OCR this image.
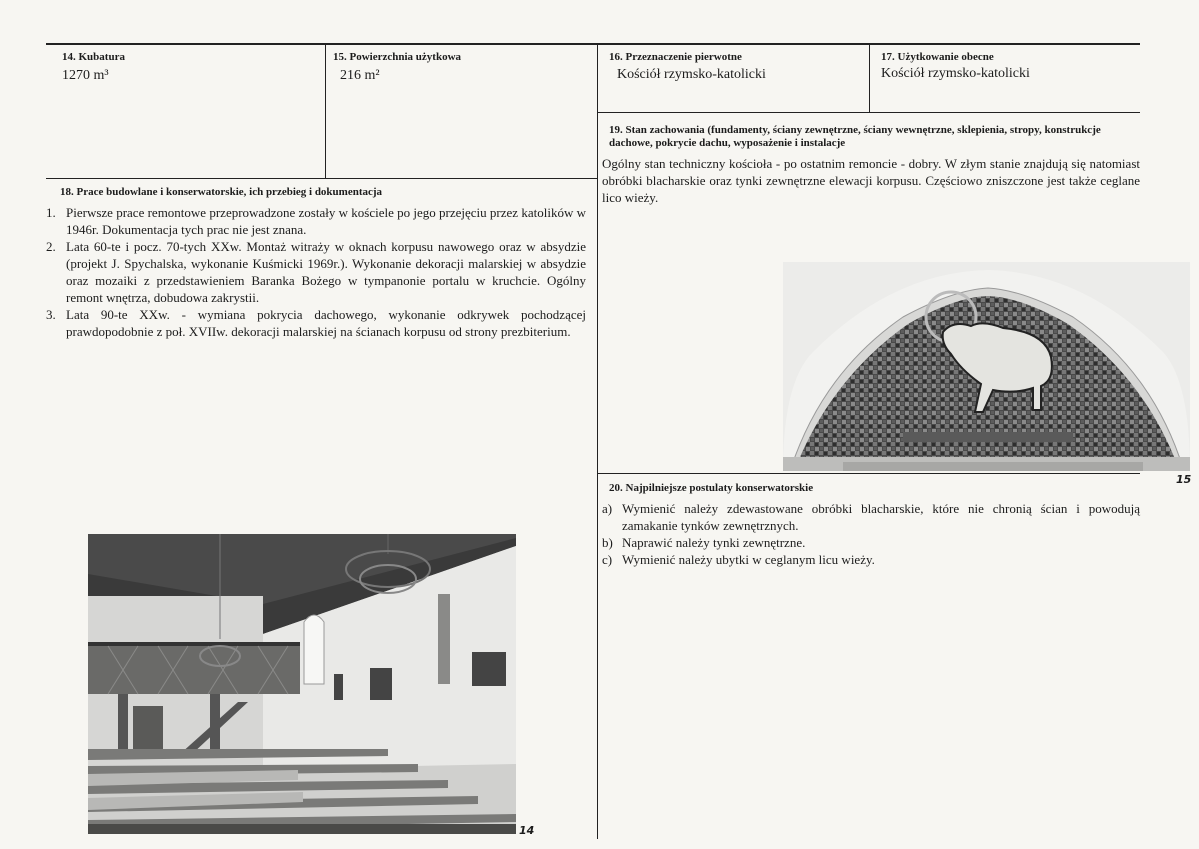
14. Kubatura
1270 m³
15. Powierzchnia użytkowa
216 m²
16. Przeznaczenie pierwotne
Kościół rzymsko-katolicki
17. Użytkowanie obecne
Kościół rzymsko-katolicki
19. Stan zachowania (fundamenty, ściany zewnętrzne, ściany wewnętrzne, sklepienia, stropy, konstrukcje dachowe, pokrycie dachu, wyposażenie i instalacje
Ogólny stan techniczny kościoła - po ostatnim remoncie - dobry. W złym stanie znajdują się natomiast obróbki blacharskie oraz tynki zewnętrzne elewacji korpusu. Częściowo zniszczone jest także ceglane lico wieży.
18. Prace budowlane i konserwatorskie, ich przebieg i dokumentacja
1. Pierwsze prace remontowe przeprowadzone zostały w kościele po jego przejęciu przez katolików w 1946r. Dokumentacja tych prac nie jest znana.
2. Lata 60-te i pocz. 70-tych XXw. Montaż witraży w oknach korpusu nawowego oraz w absydzie (projekt J. Spychalska, wykonanie Kuśmicki 1969r.). Wykonanie dekoracji malarskiej w absydzie oraz mozaiki z przedstawieniem Baranka Bożego w tympanonie portalu w kruchcie. Ogólny remont wnętrza, dobudowa zakrystii.
3. Lata 90-te XXw. - wymiana pokrycia dachowego, wykonanie odkrywek pochodzącej prawdopodobnie z poł. XVIIw. dekoracji malarskiej na ścianach korpusu od strony prezbiterium.
15
20. Najpilniejsze postulaty konserwatorskie
a) Wymienić należy zdewastowane obróbki blacharskie, które nie chronią ścian i powodują zamakanie tynków zewnętrznych.
b) Naprawić należy tynki zewnętrzne.
c) Wymienić należy ubytki w ceglanym licu wieży.
14
